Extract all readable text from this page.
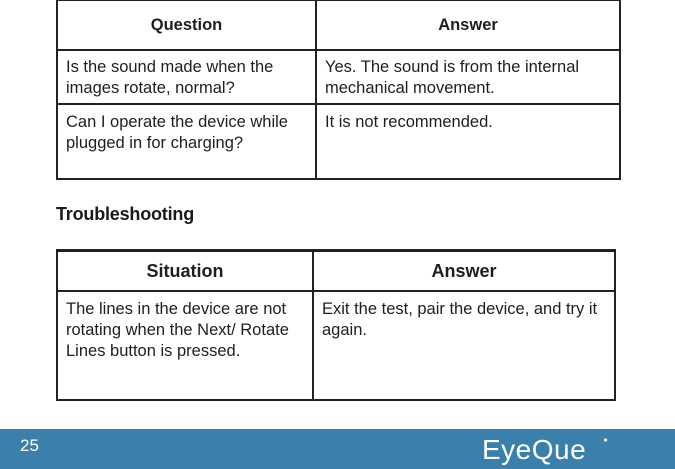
Question	Answer
Is the sound made when the images rotate, normal?	Yes. The sound is from the internal mechanical movement.
Can I operate the device while plugged in for charging?	It is not recommended.
Troubleshooting
Situation	Answer
The lines in the device are not rotating when the Next/ Rotate Lines button is pressed.	Exit the test, pair the device, and try it again.
25	EyeQue
